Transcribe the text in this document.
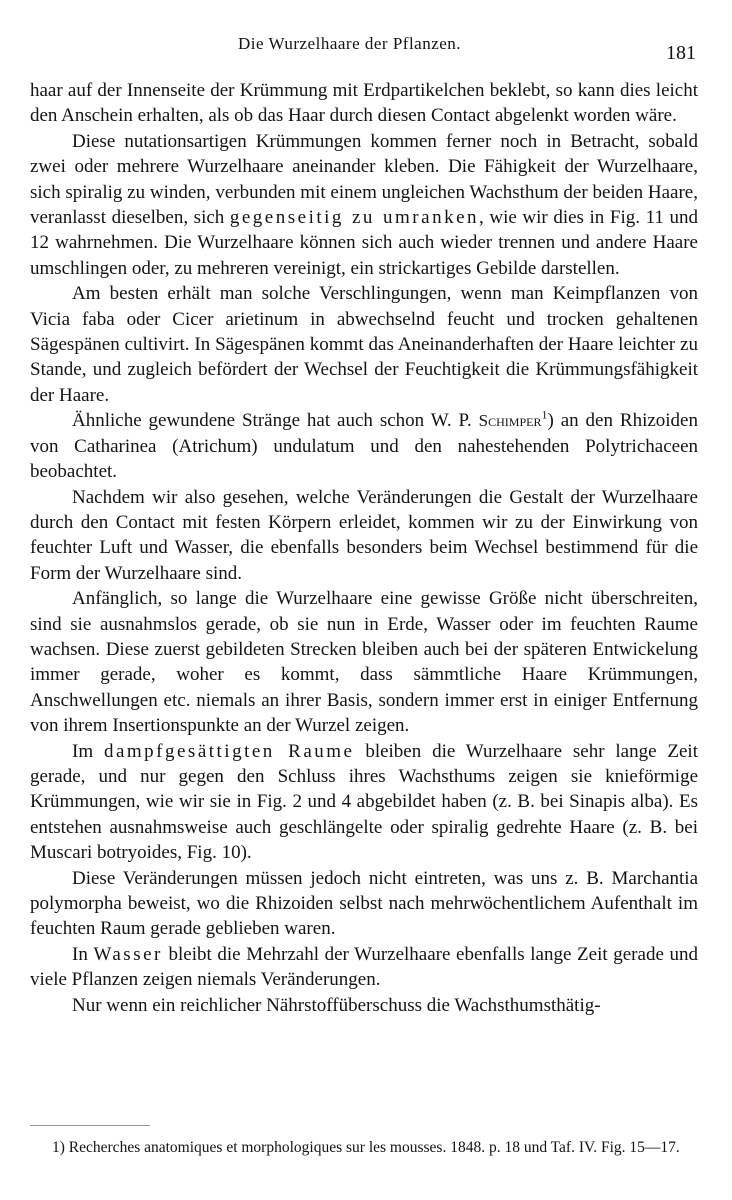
Die Wurzelhaare der Pflanzen.	181

haar auf der Innenseite der Krümmung mit Erdpartikelchen beklebt, so kann dies leicht den Anschein erhalten, als ob das Haar durch diesen Contact abgelenkt worden wäre.

Diese nutationsartigen Krümmungen kommen ferner noch in Betracht, sobald zwei oder mehrere Wurzelhaare aneinander kleben. Die Fähigkeit der Wurzelhaare, sich spiralig zu winden, verbunden mit einem ungleichen Wachsthum der beiden Haare, veranlasst dieselben, sich gegenseitig zu umranken, wie wir dies in Fig. 11 und 12 wahrnehmen. Die Wurzelhaare können sich auch wieder trennen und andere Haare umschlingen oder, zu mehreren vereinigt, ein strickartiges Gebilde darstellen.

Am besten erhält man solche Verschlingungen, wenn man Keimpflanzen von Vicia faba oder Cicer arietinum in abwechselnd feucht und trocken gehaltenen Sägespänen cultivirt. In Sägespänen kommt das Aneinanderhaften der Haare leichter zu Stande, und zugleich befördert der Wechsel der Feuchtigkeit die Krümmungsfähigkeit der Haare.

Ähnliche gewundene Stränge hat auch schon W. P. Schimper$^1$) an den Rhizoiden von Catharinea (Atrichum) undulatum und den nahestehenden Polytrichaceen beobachtet.

Nachdem wir also gesehen, welche Veränderungen die Gestalt der Wurzelhaare durch den Contact mit festen Körpern erleidet, kommen wir zu der Einwirkung von feuchter Luft und Wasser, die ebenfalls besonders beim Wechsel bestimmend für die Form der Wurzelhaare sind.

Anfänglich, so lange die Wurzelhaare eine gewisse Größe nicht überschreiten, sind sie ausnahmslos gerade, ob sie nun in Erde, Wasser oder im feuchten Raume wachsen. Diese zuerst gebildeten Strecken bleiben auch bei der späteren Entwickelung immer gerade, woher es kommt, dass sämmtliche Haare Krümmungen, Anschwellungen etc. niemals an ihrer Basis, sondern immer erst in einiger Entfernung von ihrem Insertionspunkte an der Wurzel zeigen.

Im dampfgesättigten Raume bleiben die Wurzelhaare sehr lange Zeit gerade, und nur gegen den Schluss ihres Wachsthums zeigen sie knieförmige Krümmungen, wie wir sie in Fig. 2 und 4 abgebildet haben (z. B. bei Sinapis alba). Es entstehen ausnahmsweise auch geschlängelte oder spiralig gedrehte Haare (z. B. bei Muscari botryoides, Fig. 10).

Diese Veränderungen müssen jedoch nicht eintreten, was uns z. B. Marchantia polymorpha beweist, wo die Rhizoiden selbst nach mehrwöchentlichem Aufenthalt im feuchten Raum gerade geblieben waren.

In Wasser bleibt die Mehrzahl der Wurzelhaare ebenfalls lange Zeit gerade und viele Pflanzen zeigen niemals Veränderungen.

Nur wenn ein reichlicher Nährstoffüberschuss die Wachsthumsthätig-

1) Recherches anatomiques et morphologiques sur les mousses. 1848. p. 18 und Taf. IV. Fig. 15—17.
